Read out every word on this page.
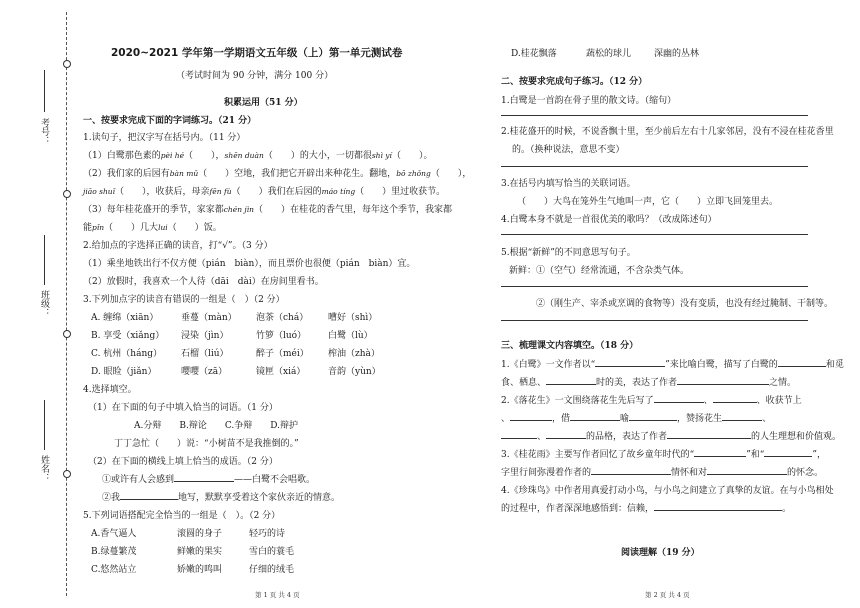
考号：
班级：
姓名：
2020~2021 学年第一学期语文五年级（上）第一单元测试卷
（考试时间为 90 分钟，满分 100 分）
积累运用（51 分）
一、按要求完成下面的字词练习。（21 分）
1.读句子，把汉字写在括号内。（11 分）
（1）白鹭那色素的pèi hé（　　），shēn duàn（　　）的大小，一切都很shì yí（　　）。
（2）我们家的后园有bàn mǔ（　　）空地，我们把它开辟出来种花生。翻地，bō zhǒng（　　），
jiāo shuǐ（　　），收获后，母亲fēn fù（　　）我们在后园的máo tíng（　　）里过收获节。
（3）每年桂花盛开的季节，家家都chén jìn（　　）在桂花的香气里，每年这个季节，我家都
能pǐn（　　）几大lui（　　）饭。
2.给加点的字选择正确的读音，打“√”。（3 分）
（1）乘坐地铁出行不仅方便（pián　biàn），而且票价也很便（pián　biàn）宜。
（2）放假时，我喜欢一个人待（dāi　dài）在房间里看书。
3.下列加点字的读音有错误的一组是（　）（2 分）
A. 缠绵（xiān）	垂蔓（màn） 泡茶（chá） 嘈好（shì）
B. 享受（xiǎng） 浸染（jìn）	竹箩（luó） 白鹭（lù）
C. 杭州（háng） 石榴（liú）	醉子（méi） 榨油（zhà）
D. 眼睑（jiǎn）	嘤嘤（zā）	镜匣（xiá）	音韵（yùn）
4.选择填空。
（1）在下面的句子中填入恰当的词语。（1 分）
A.分辩　　B.辩论　　C.争辩　　D.辩护
丁丁急忙（　　）说：“小树苗不是我推倒的。”
（2）在下面的横线上填上恰当的成语。（2 分）
①或许有人会感到	——白鹭不会唱歌。
②我	地写，默默享受着这个家伙亲近的情意。
5.下列词语搭配完全恰当的一组是（　）。（2 分）
A.香气逼人	滚圆的身子	轻巧的诗
B.绿蔓繁茂	鲜嫩的果实	雪白的蓑毛
C.悠然站立	娇嫩的鸣叫	仔细的绒毛
第 1 页 共 4 页
D.桂花飘落	蔬松的球儿	深幽的丛林
二、按要求完成句子练习。（12 分）
1.白鹭是一首韵在骨子里的散文诗。（缩句）
2.桂花盛开的时候，不说香飘十里，至少前后左右十几家邻居，没有不浸在桂花香里
的。（换种说法，意思不变）
3.在括号内填写恰当的关联词语。
（　　）大鸟在笼外生气地叫一声，它（　　）立即飞回笼里去。
4.白鹭本身不就是一首很优美的歌吗？（改成陈述句）
5.根据“新鲜”的不同意思写句子。
新鲜：①（空气）经常流通，不含杂类气体。
②（刚生产、宰杀或烹调的食物等）没有变质，也没有经过腌制、干制等。
三、梳理课文内容填空。（18 分）
1.《白鹭》一文作者以“	”来比喻白鹭，描写了白鹭的	和觅
食、栖息、	时的美，表达了作者	之情。
2.《落花生》一文围绕落花生先后写了	、	、收获节上
、	，借	喻	，赞扬花生	、
、	的品格，表达了作者	的人生理想和价值观。
3.《桂花雨》主要写作者回忆了故乡童年时代的“	”和“	”，
字里行间弥漫着作者的	情怀和对	的怀念。
4.《珍珠鸟》中作者用真爱打动小鸟，与小鸟之间建立了真挚的友谊。在与小鸟相处
的过程中，作者深深地感悟到：信赖，	。
阅读理解（19 分）
第 2 页 共 4 页
